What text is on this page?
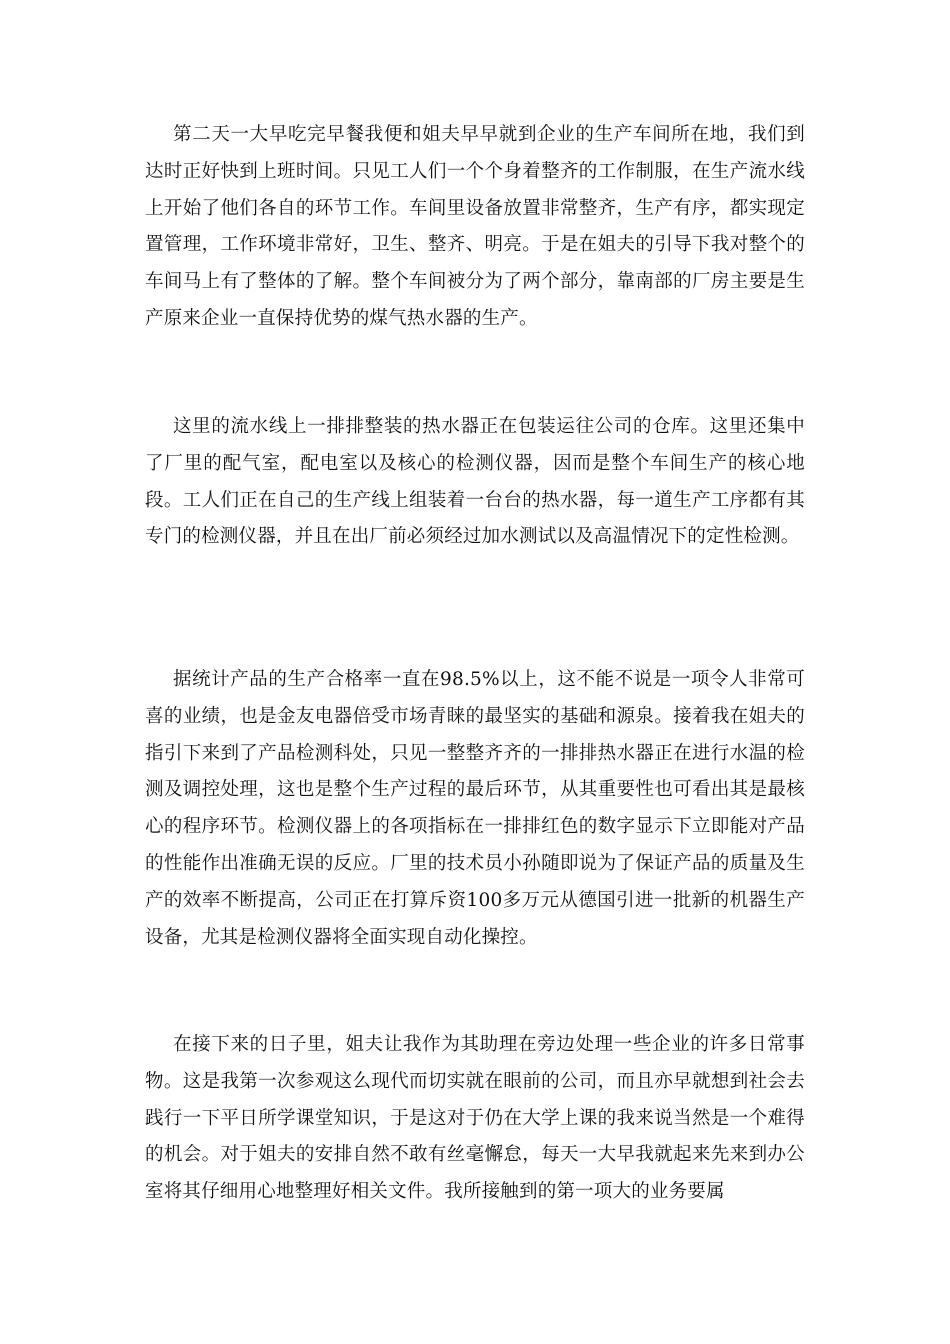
第二天一大早吃完早餐我便和姐夫早早就到企业的生产车间所在地，我们到达时正好快到上班时间。只见工人们一个个身着整齐的工作制服，在生产流水线上开始了他们各自的环节工作。车间里设备放置非常整齐，生产有序，都实现定置管理，工作环境非常好，卫生、整齐、明亮。于是在姐夫的引导下我对整个的车间马上有了整体的了解。整个车间被分为了两个部分，靠南部的厂房主要是生产原来企业一直保持优势的煤气热水器的生产。

这里的流水线上一排排整装的热水器正在包装运往公司的仓库。这里还集中了厂里的配气室，配电室以及核心的检测仪器，因而是整个车间生产的核心地段。工人们正在自己的生产线上组装着一台台的热水器，每一道生产工序都有其专门的检测仪器，并且在出厂前必须经过加水测试以及高温情况下的定性检测。

据统计产品的生产合格率一直在98.5%以上，这不能不说是一项令人非常可喜的业绩，也是金友电器倍受市场青睐的最坚实的基础和源泉。接着我在姐夫的指引下来到了产品检测科处，只见一整整齐齐的一排排热水器正在进行水温的检测及调控处理，这也是整个生产过程的最后环节，从其重要性也可看出其是最核心的程序环节。检测仪器上的各项指标在一排排红色的数字显示下立即能对产品的性能作出准确无误的反应。厂里的技术员小孙随即说为了保证产品的质量及生产的效率不断提高，公司正在打算斥资100多万元从德国引进一批新的机器生产设备，尤其是检测仪器将全面实现自动化操控。

在接下来的日子里，姐夫让我作为其助理在旁边处理一些企业的许多日常事物。这是我第一次参观这么现代而切实就在眼前的公司，而且亦早就想到社会去践行一下平日所学课堂知识，于是这对于仍在大学上课的我来说当然是一个难得的机会。对于姐夫的安排自然不敢有丝毫懈怠，每天一大早我就起来先来到办公室将其仔细用心地整理好相关文件。我所接触到的第一项大的业务要属
